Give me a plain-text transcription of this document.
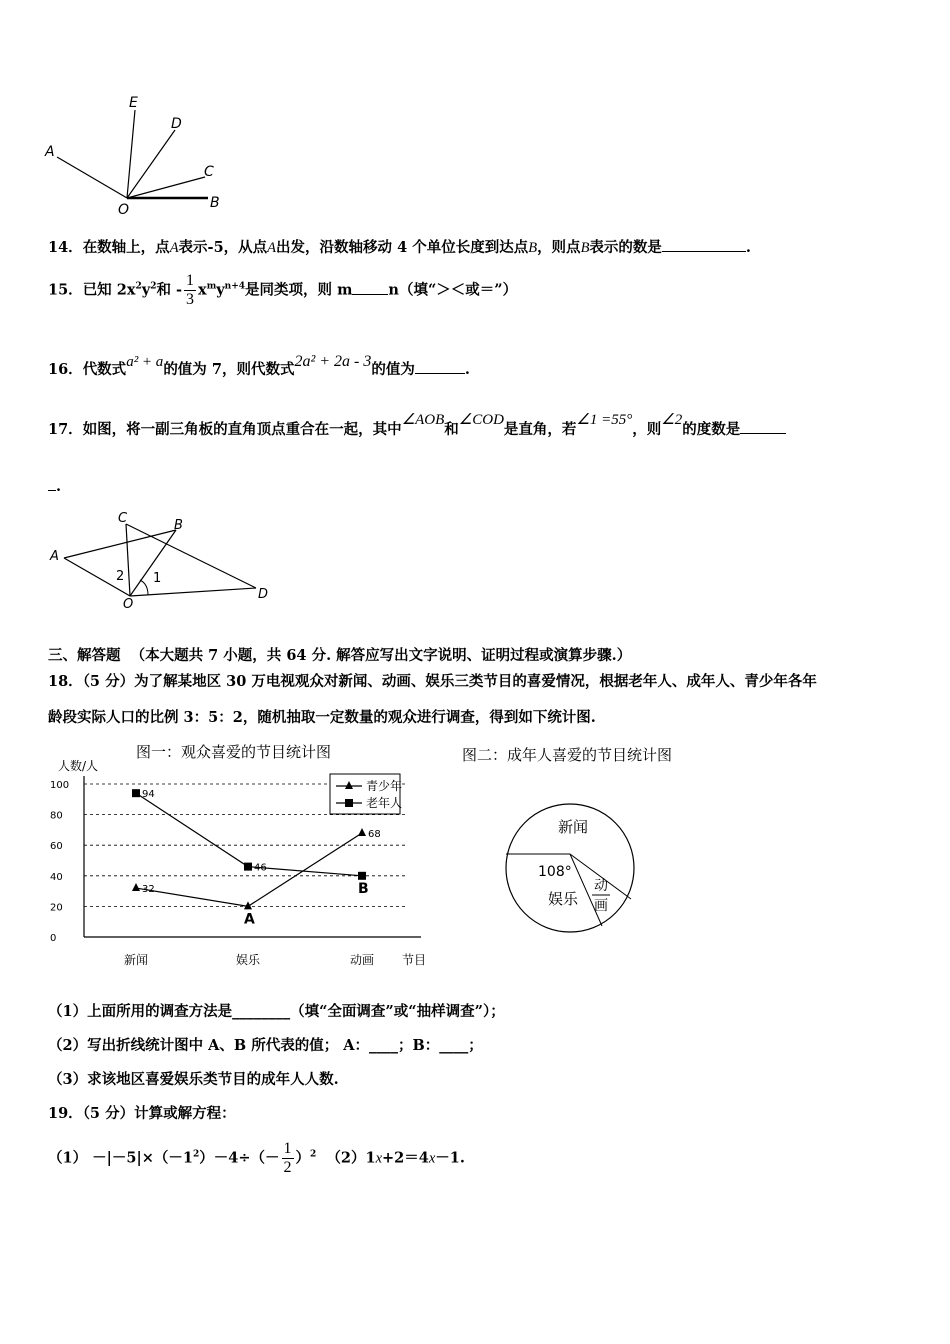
A
E
D
C
O	B
14．在数轴上，点A表示-5，从点A出发，沿数轴移动 4 个单位长度到达点B，则点B表示的数是	.
15．已知 $2x^2y^2$和 - $\frac{1}{3} x^my^{n+4}$是同类项，则 m n（填“＞＜或＝”）
16．代数式a² + a的值为 7，则代数式2a² + 2a - 3的值为	.
17．如图，将一副三角板的直角顶点重合在一起，其中∠AOB和∠COD是直角，若∠1 =55°，则∠2的度数是
.
C	B
A
2 1
O
D
三、解答题 （本大题共 7 小题，共 64 分. 解答应写出文字说明、证明过程或演算步骤.）
18．（5 分）为了解某地区 30 万电视观众对新闻、动画、娱乐三类节目的喜爱情况，根据老年人、成年人、青少年各年
龄段实际人口的比例 3：5：2，随机抽取一定数量的观众进行调查，得到如下统计图.
图一：观众喜爱的节目统计图
人数/人
节目
32
A
68
94
46
B
0
20
40
60
80
100
新闻	娱乐	动画
青少年
老年人
图二：成年人喜爱的节目统计图
新闻
108°
娱乐
动
画
（1）上面所用的调查方法是________（填“全面调查”或“抽样调查”）；
（2）写出折线统计图中 A、B 所代表的值； A：____；B：____；
（3）求该地区喜爱娱乐类节目的成年人人数.
19．（5 分）计算或解方程：
$(1) -|-5|\times(-1^2)-4\div(- \frac{1}{2} )^2$ （2）1x+2＝4x－1.
